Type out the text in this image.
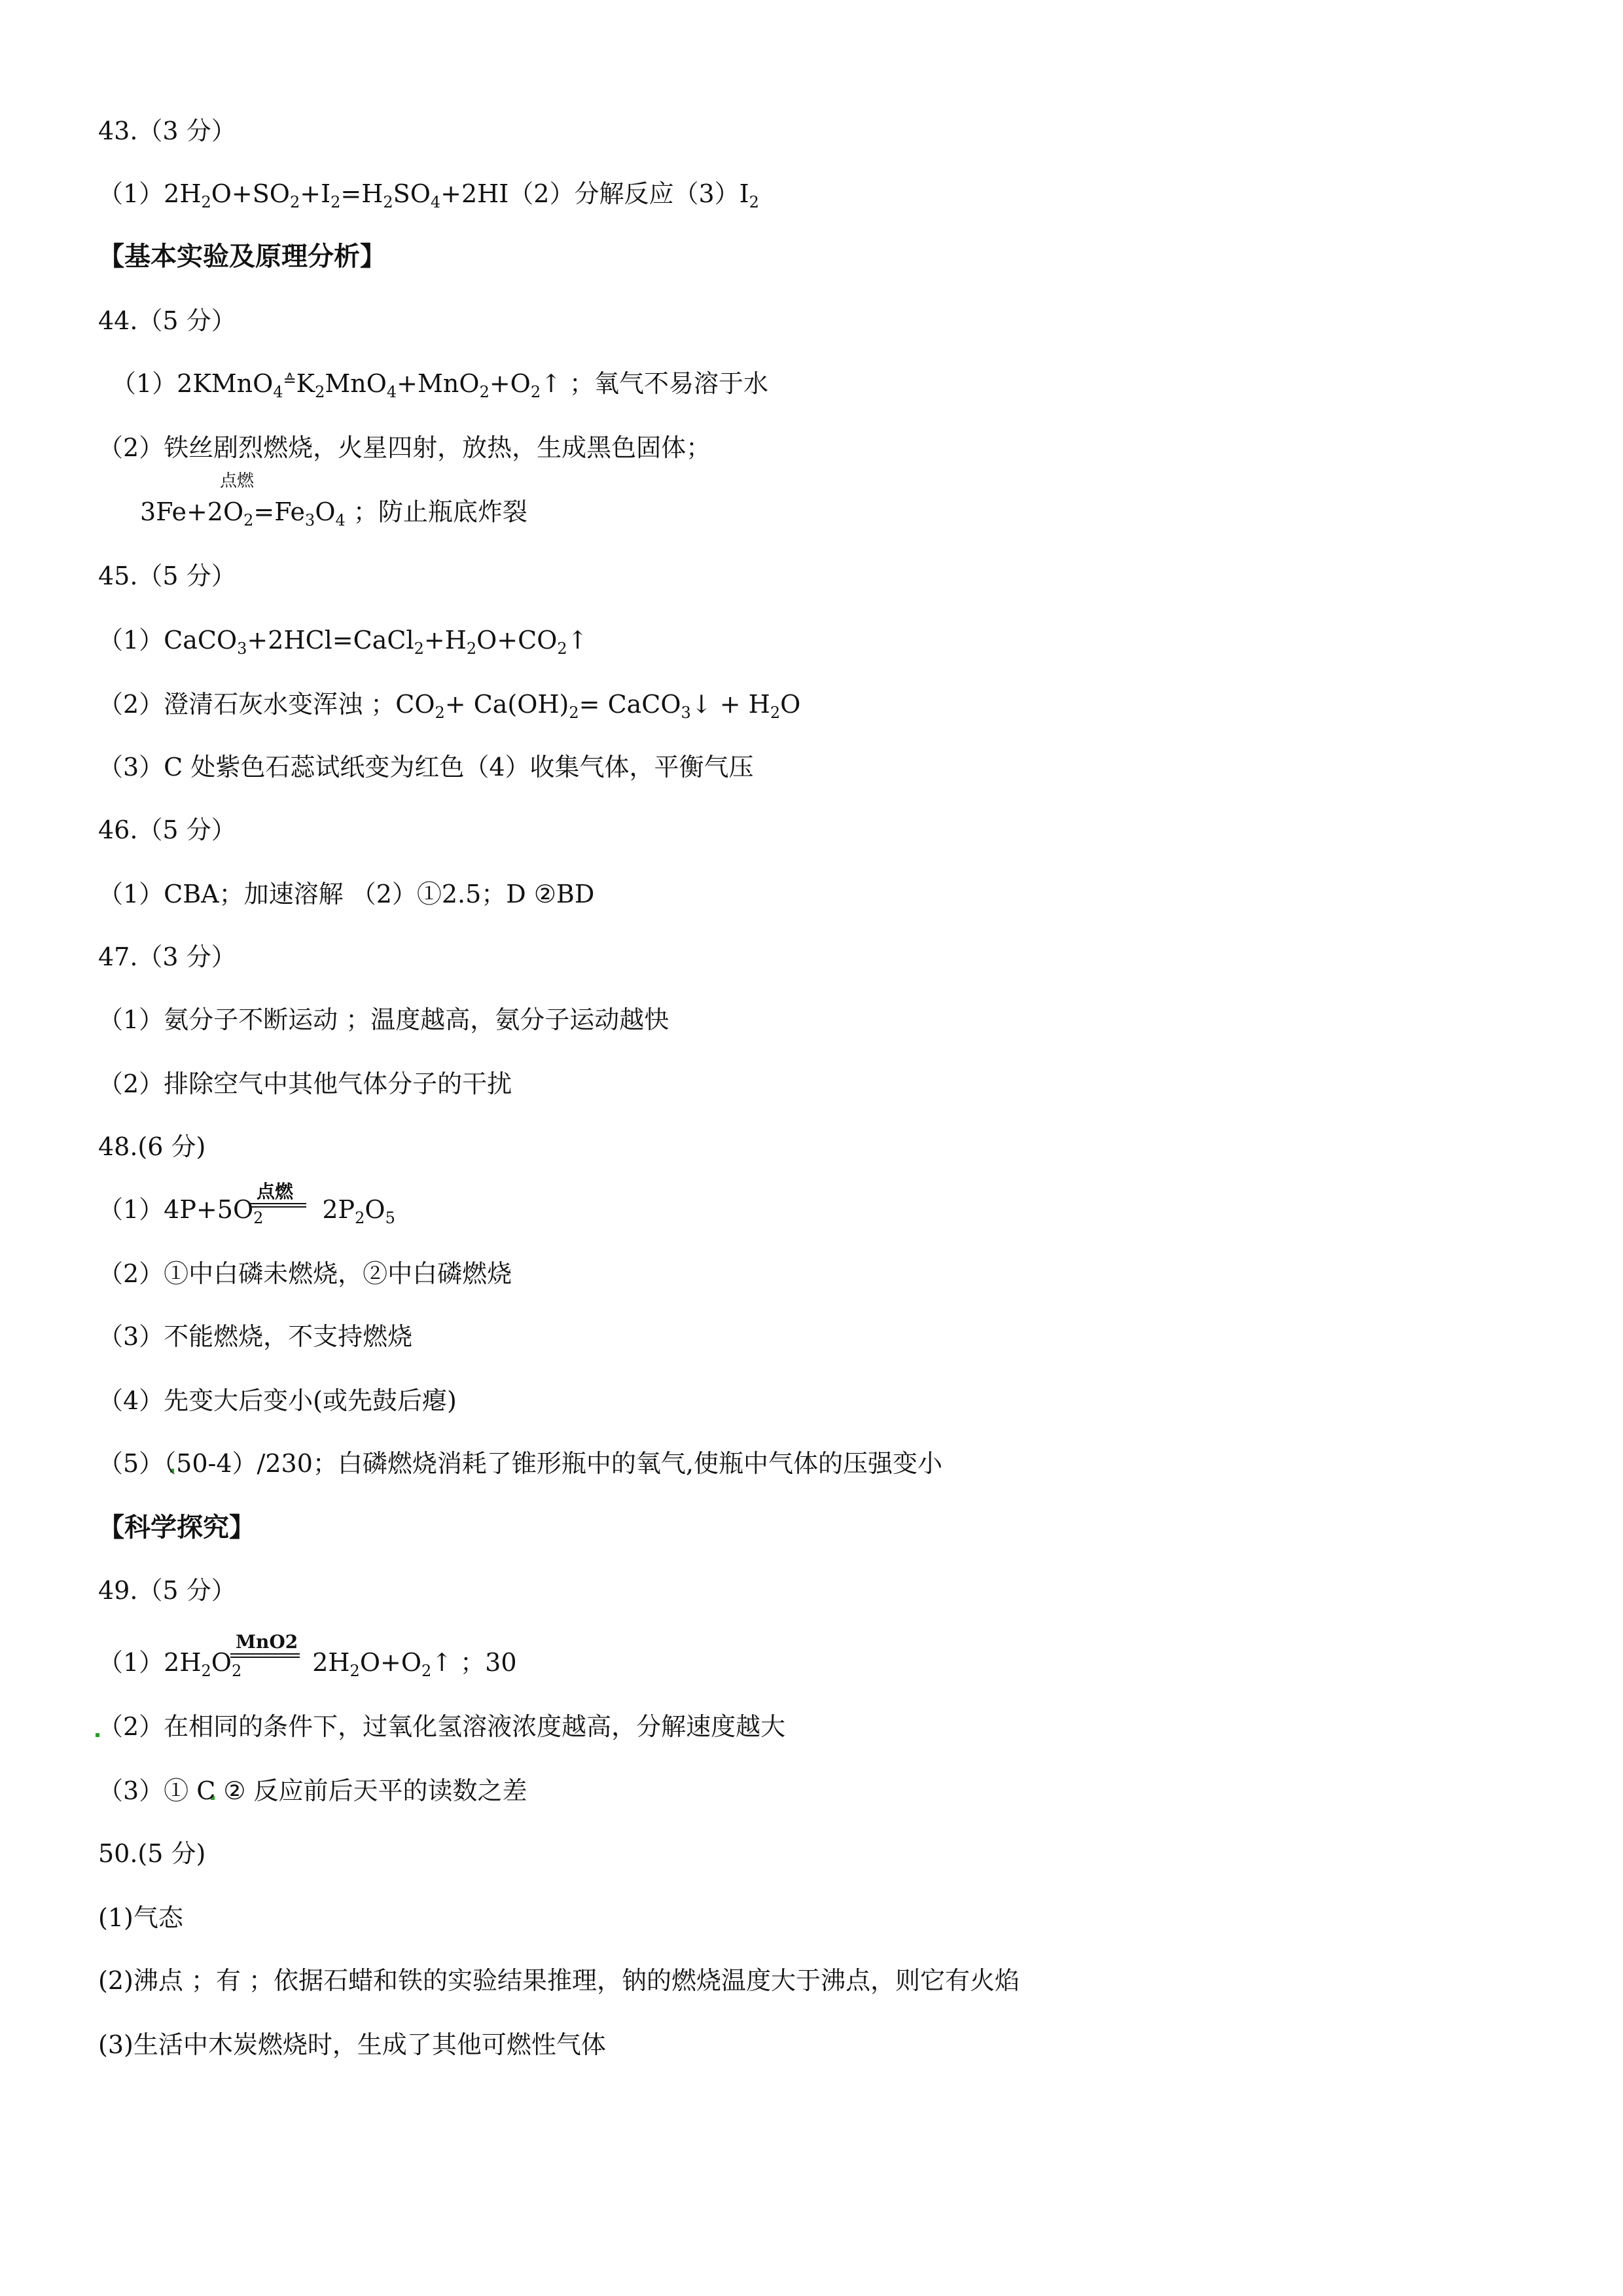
43.（3 分）
$(1)2H_2O+SO_2+I_2=H_2SO_4+2HI(2)$分解反应$(3)I_2$
【基本实验及原理分析】
44.（5 分）
$(1)2KMnO_4^≙K_2MnO_4+MnO_2+O_2↑$ ；氧气不易溶于水
（2）铁丝剧烈燃烧，火星四射，放热，生成黑色固体；
点燃
$3Fe+2O_2=Fe_3O_4$ ；防止瓶底炸裂
45.（5 分）
$(1)CaCO_3+2HCl=CaCl_2+H_2O+CO_2↑$
（2）澄清石灰水变浑浊 ；$CO_2+ Ca(OH)_2=$ CaCO$_3$↓ + $H_2O$
（3）C 处紫色石蕊试纸变为红色（4）收集气体，平衡气压
46.（5 分）
（1）CBA；加速溶解 （2）①2.5；D ②BD
47.（3 分）
（1）氨分子不断运动 ；温度越高，氨分子运动越快
（2）排除空气中其他气体分子的干扰
48.(6 分)
点燃
$(1)4P+5O_2$ $2P_2O_5$
（2）①中白磷未燃烧，②中白磷燃烧
（3）不能燃烧，不支持燃烧
（4）先变大后变小(或先鼓后瘪)
（5）（50-4）/230；白磷燃烧消耗了锥形瓶中的氧气,使瓶中气体的压强变小
【科学探究】
49.（5 分）
MnO2
$(1)2H_2O_2$	$2H_2O+O_2↑$ ；30
（2）在相同的条件下，过氧化氢溶液浓度越高，分解速度越大
（3）① C ② 反应前后天平的读数之差
50.(5 分)
(1)气态
(2)沸点 ；有 ；依据石蜡和铁的实验结果推理，钠的燃烧温度大于沸点，则它有火焰
(3)生活中木炭燃烧时，生成了其他可燃性气体
